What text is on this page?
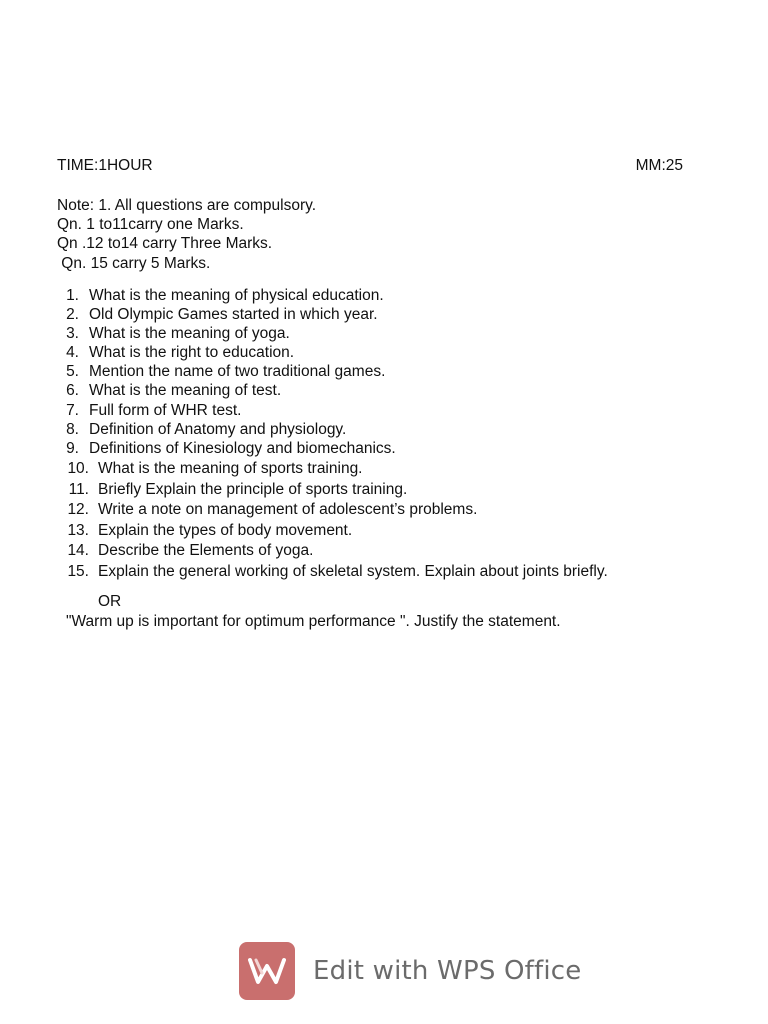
TIME:1HOUR	MM:25
Note: 1. All questions are compulsory.
Qn. 1 to11carry one Marks.
Qn .12 to14 carry Three Marks.
Qn. 15 carry 5 Marks.
1. What is the meaning of physical education.
2. Old Olympic Games started in which year.
3. What is the meaning of yoga.
4. What is the right to education.
5. Mention the name of two traditional games.
6. What is the meaning of test.
7. Full form of WHR test.
8. Definition of Anatomy and physiology.
9. Definitions of Kinesiology and biomechanics.
10. What is the meaning of sports training.
11. Briefly Explain the principle of sports training.
12. Write a note on management of adolescent’s problems.
13. Explain the types of body movement.
14. Describe the Elements of yoga.
15. Explain the general working of skeletal system. Explain about joints briefly.
OR
"Warm up is important for optimum performance ". Justify the statement.
Edit with WPS Office
